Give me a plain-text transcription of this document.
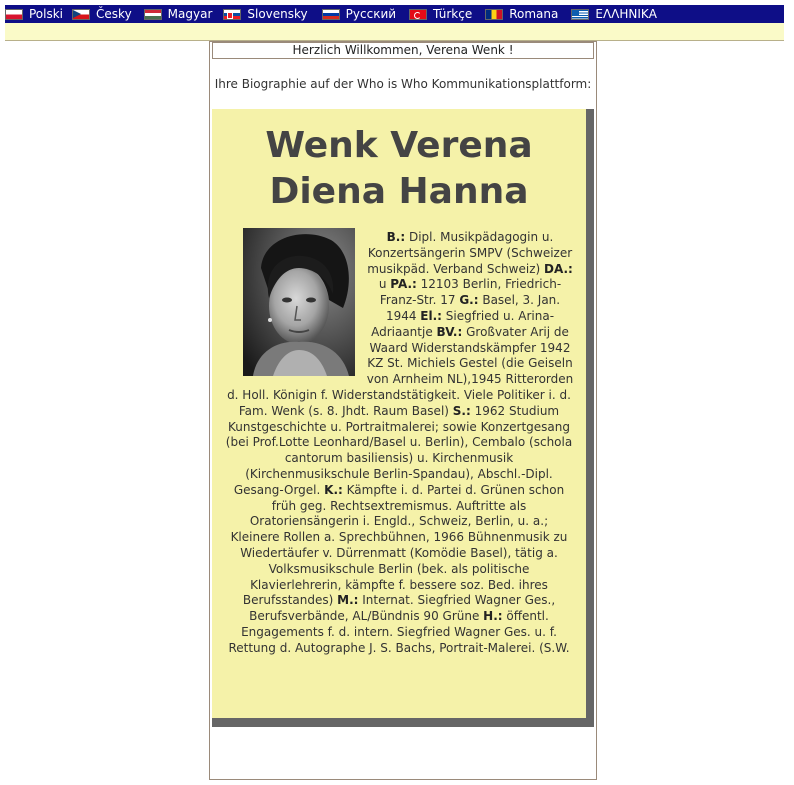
Polski	Česky	Magyar	Slovensky	Русский	Türkçe	Romana	ΕΛΛΗΝΙΚΑ
Herzlich Willkommen, Verena Wenk !
Ihre Biographie auf der Who is Who Kommunikationsplattform:
Wenk Verena Diena Hanna
B.: Dipl. Musikpädagogin u. Konzertsängerin SMPV (Schweizer musikpäd. Verband Schweiz) DA.: u PA.: 12103 Berlin, Friedrich-Franz-Str. 17 G.: Basel, 3. Jan. 1944 El.: Siegfried u. Arina-Adriaantje BV.: Großvater Arij de Waard Widerstandskämpfer 1942 KZ St. Michiels Gestel (die Geiseln von Arnheim NL),1945 Ritterorden d. Holl. Königin f. Widerstandstätigkeit. Viele Politiker i. d. Fam. Wenk (s. 8. Jhdt. Raum Basel) S.: 1962 Studium Kunstgeschichte u. Portraitmalerei; sowie Konzertgesang (bei Prof.Lotte Leonhard/Basel u. Berlin), Cembalo (schola cantorum basiliensis) u. Kirchenmusik (Kirchenmusikschule Berlin-Spandau), Abschl.-Dipl. Gesang-Orgel. K.: Kämpfte i. d. Partei d. Grünen schon früh geg. Rechtsextremismus. Auftritte als Oratoriensängerin i. Engld., Schweiz, Berlin, u. a.; Kleinere Rollen a. Sprechbühnen, 1966 Bühnenmusik zu Wiedertäufer v. Dürrenmatt (Komödie Basel), tätig a. Volksmusikschule Berlin (bek. als politische Klavierlehrerin, kämpfte f. bessere soz. Bed. ihres Berufsstandes) M.: Internat. Siegfried Wagner Ges., Berufsverbände, AL/Bündnis 90 Grüne H.: öffentl. Engagements f. d. intern. Siegfried Wagner Ges. u. f. Rettung d. Autographe J. S. Bachs, Portrait-Malerei. (S.W.
